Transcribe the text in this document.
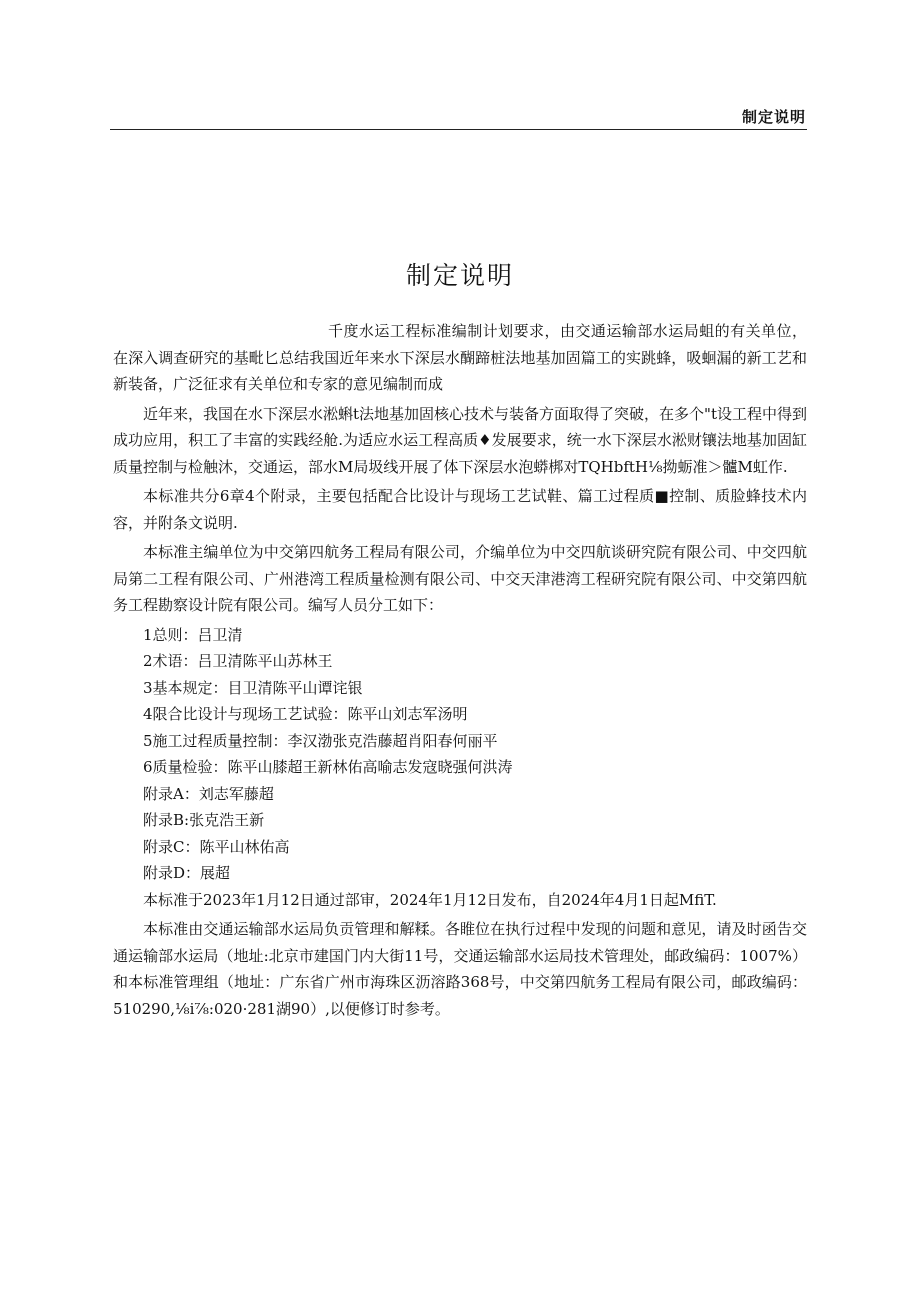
制定说明
制定说明

千度水运工程标准编制计划要求，由交通运输部水运局蛆的有关单位，在深入调查研究的基毗匕总结我国近年来水下深层水醐蹄桩法地基加固篇工的实跳蜂，吸蛔漏的新工艺和新装备，广泛征求有关单位和专家的意见编制而成

近年来，我国在水下深层水淞蝌t法地基加固核心技术与装备方面取得了突破，在多个"t设工程中得到成功应用，积工了丰富的实践经舱.为适应水运工程高质♦发展要求，统一水下深层水淞财镶法地基加固缸质量控制与检触沐，交通运，部水M局圾线开展了体下深层水泡蟒梆对TQHbftH⅛拗蛎准＞髗M虹作.

本标准共分6章4个附录，主要包括配合比设计与现场工艺试鞋、篇工过程质■控制、质脸蜂技术内容，并附条文说明.

本标准主编单位为中交第四航务工程局有限公司，介编单位为中交四航谈研究院有限公司、中交四航局第二工程有限公司、广州港湾工程质量检测有限公司、中交天津港湾工程研究院有限公司、中交第四航务工程勘察设计院有限公司。编写人员分工如下：

1总则：吕卫清
2术语：吕卫清陈平山苏林王
3基本规定：目卫清陈平山谭诧银
4限合比设计与现场工艺试验：陈平山刘志军汤明
5施工过程质量控制：李汉渤张克浩藤超肖阳春何丽平
6质量检验：陈平山膝超王新林佑高喻志发寇晓强何洪涛
附录A：刘志军藤超
附录B:张克浩王新
附录C：陈平山林佑高
附录D：展超

本标准于2023年1月12日通过部审，2024年1月12日发布，自2024年4月1日起MfiT.

本标准由交通运输部水运局负贡管理和解糅。各睢位在执行过程中发现的问题和意见，请及时函告交通运输部水运局（地址:北京市建国门内大街11号，交通运输部水运局技术管理处，邮政编码：1007%）和本标准管理组（地址：广东省广州市海珠区沥溶路368号，中交第四航务工程局有限公司，邮政编码：510290,⅛i⅞:020·281湖90）,以便修订时参考。
